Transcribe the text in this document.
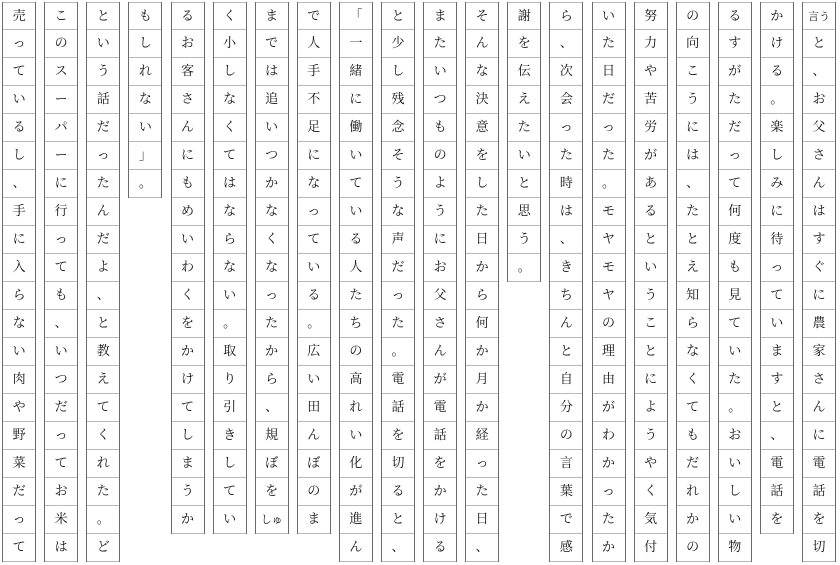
言う
と
、
お
父
さ
ん
は
す
ぐ
に
農
家
さ
ん
に
電
話
を
切
か
け
る
。
楽
し
み
に
待
っ
て
い
ま
す
と
、
電
話
を
る
す
が
た
だ
っ
て
何
度
も
見
て
い
た
。
お
い
し
い
物
の
向
こ
う
に
は
、
た
と
え
知
ら
な
く
て
も
だ
れ
か
の
努
力
や
苦
労
が
あ
る
と
い
う
こ
と
に
よ
う
や
く
気
付
い
た
日
だ
っ
た
。
モ
ヤ
モ
ヤ
の
理
由
が
わ
か
っ
た
か
ら
、
次
会
っ
た
時
は
、
き
ち
ん
と
自
分
の
言
葉
で
感
謝
を
伝
え
た
い
と
思
う
。
そ
ん
な
決
意
を
し
た
日
か
ら
何
か
月
か
経
っ
た
日
、
ま
た
い
つ
も
の
よ
う
に
お
父
さ
ん
が
電
話
を
か
け
る
と
少
し
残
念
そ
う
な
声
だ
っ
た
。
電
話
を
切
る
と
、
「
一
緒
に
働
い
て
い
る
人
た
ち
の
高
れ
い
化
が
進
ん
で
人
手
不
足
に
な
っ
て
い
る
。
広
い
田
ん
ぼ
の
ま
ま
で
は
追
い
つ
か
な
く
な
っ
た
か
ら
、
規
ぼ
を
しゅ
く
小
し
な
く
て
は
な
ら
な
い
。
取
り
引
き
し
て
い
る
お
客
さ
ん
に
も
め
い
わ
く
を
か
け
て
し
ま
う
か
も
し
れ
な
い
」
。
と
い
う
話
だ
っ
た
ん
だ
よ
、
と
教
え
て
く
れ
た
。
ど
こ
の
ス
ー
パ
ー
に
行
っ
て
も
、
い
つ
だ
っ
て
お
米
は
売
っ
て
い
る
し
、
手
に
入
ら
な
い
肉
や
野
菜
だ
っ
て
